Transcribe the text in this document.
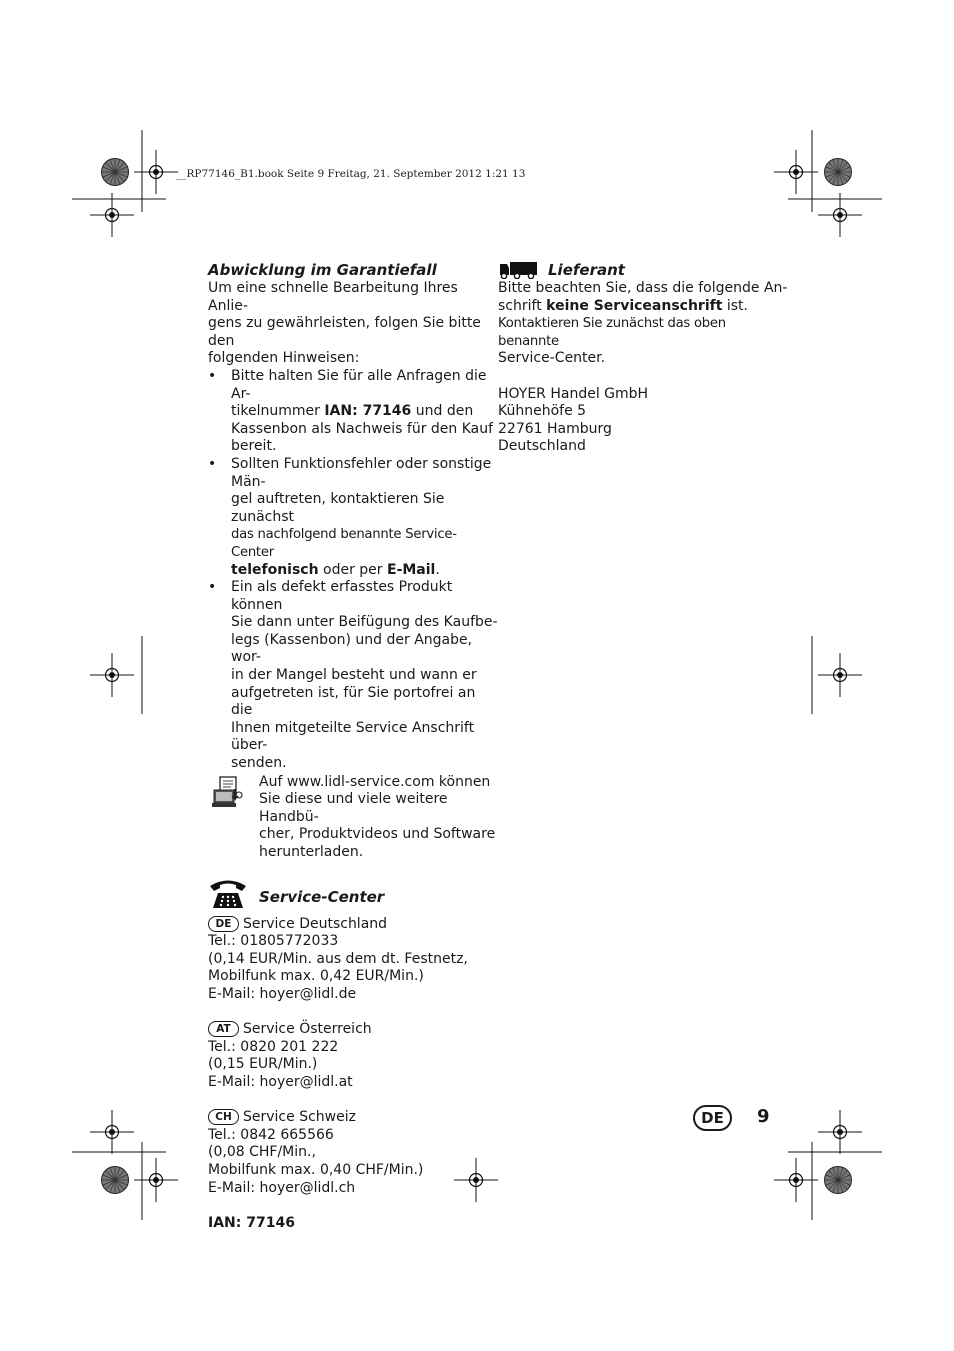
__RP77146_B1.book Seite 9 Freitag, 21. September 2012 1:21 13
Abwicklung im Garantiefall

Um eine schnelle Bearbeitung Ihres Anlie-
gens zu gewährleisten, folgen Sie bitte den
folgenden Hinweisen:

• Bitte halten Sie für alle Anfragen die Ar-
tikelnummer IAN: 77146 und den
Kassenbon als Nachweis für den Kauf
bereit.
• Sollten Funktionsfehler oder sonstige Män-
gel auftreten, kontaktieren Sie zunächst
das nachfolgend benannte Service-Center
telefonisch oder per E-Mail.
• Ein als defekt erfasstes Produkt können
Sie dann unter Beifügung des Kaufbe-
legs (Kassenbon) und der Angabe, wor-
in der Mangel besteht und wann er
aufgetreten ist, für Sie portofrei an die
Ihnen mitgeteilte Service Anschrift über-
senden.
Auf www.lidl-service.com können
Sie diese und viele weitere Handbü-
cher, Produktvideos und Software
herunterladen.
Service-Center
DE Service Deutschland
Tel.: 01805772033
(0,14 EUR/Min. aus dem dt. Festnetz,
Mobilfunk max. 0,42 EUR/Min.)
E-Mail: hoyer@lidl.de
AT Service Österreich
Tel.: 0820 201 222
(0,15 EUR/Min.)
E-Mail: hoyer@lidl.at
CH Service Schweiz
Tel.: 0842 665566
(0,08 CHF/Min.,
Mobilfunk max. 0,40 CHF/Min.)
E-Mail: hoyer@lidl.ch
IAN: 77146
Lieferant

Bitte beachten Sie, dass die folgende An-
schrift keine Serviceanschrift ist.
Kontaktieren Sie zunächst das oben benannte
Service-Center.

HOYER Handel GmbH
Kühnehöfe 5
22761 Hamburg
Deutschland

DE	9
